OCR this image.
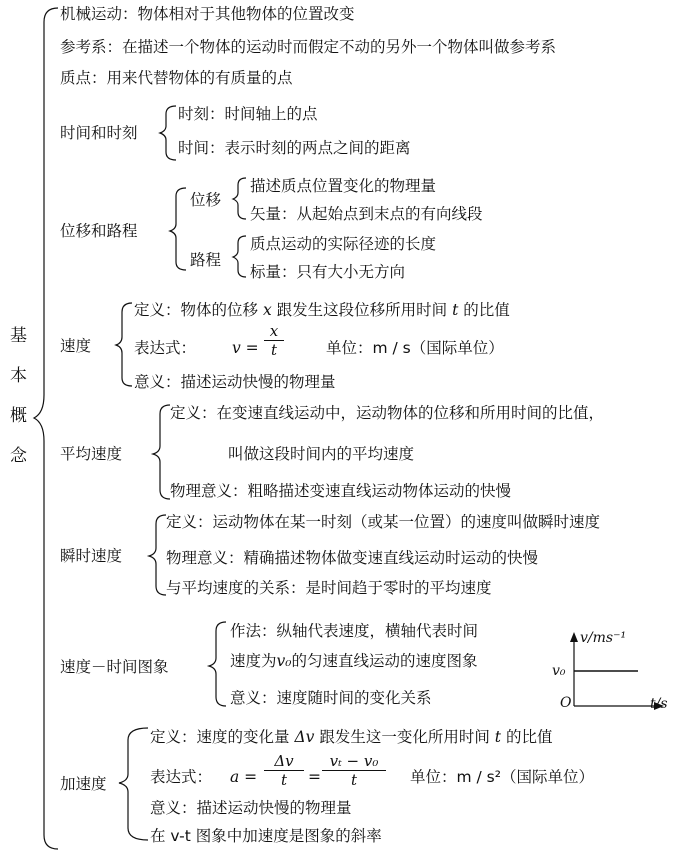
基
本
概
念
机械运动：物体相对于其他物体的位置改变
参考系：在描述一个物体的运动时而假定不动的另外一个物体叫做参考系
质点：用来代替物体的有质量的点
时间和时刻
时刻：时间轴上的点
时间：表示时刻的两点之间的距离
位移和路程
位移
描述质点位置变化的物理量
矢量：从起始点到末点的有向线段
路程
质点运动的实际径迹的长度
标量：只有大小无方向
速度
定义：物体的位移 x 跟发生这段位移所用时间 t 的比值
表达式： $v = \frac{x}{t}$	单位：m / s（国际单位）
意义：描述运动快慢的物理量
平均速度
定义：在变速直线运动中，运动物体的位移和所用时间的比值，
叫做这段时间内的平均速度
物理意义：粗略描述变速直线运动物体运动的快慢
瞬时速度
定义：运动物体在某一时刻（或某一位置）的速度叫做瞬时速度
物理意义：精确描述物体做变速直线运动时运动的快慢
与平均速度的关系：是时间趋于零时的平均速度
速度－时间图象
作法：纵轴代表速度，横轴代表时间
速度为v₀的匀速直线运动的速度图象
意义：速度随时间的变化关系
v/ms⁻¹
v₀
O	t/s
加速度
定义：速度的变化量 Δv 跟发生这一变化所用时间 t 的比值
表达式： $a = \frac{\Delta v}{t} = \frac{\text{vₜ − v₀}}{t}$ 单位：m / s²（国际单位）
意义：描述运动快慢的物理量
在 v-t 图象中加速度是图象的斜率
